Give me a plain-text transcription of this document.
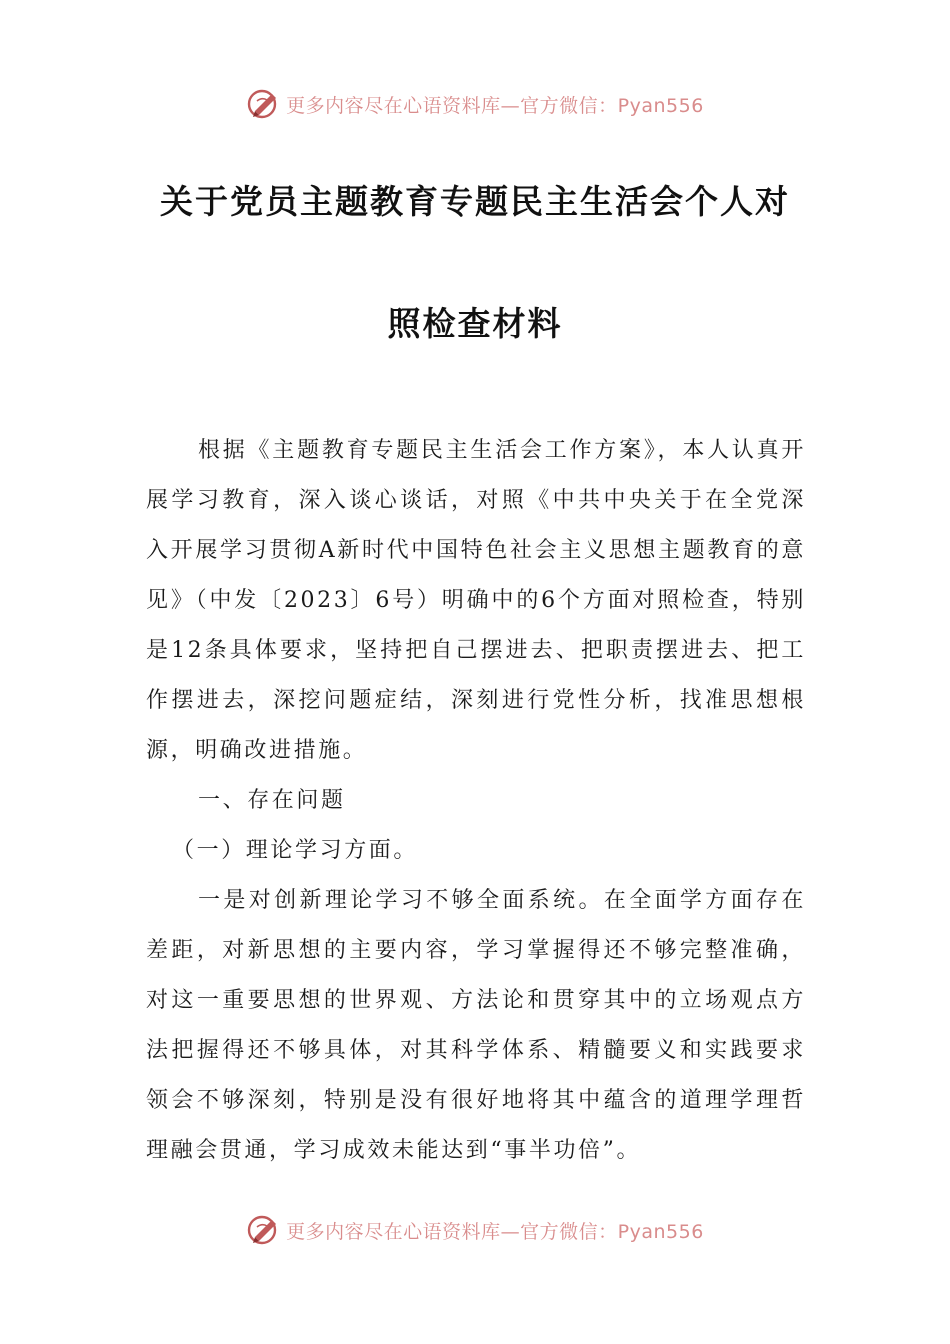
更多内容尽在心语资料库—官方微信：Pyan556
关于党员主题教育专题民主生活会个人对
照检查材料

根据《主题教育专题民主生活会工作方案》，本人认真开展学习教育，深入谈心谈话，对照《中共中央关于在全党深入开展学习贯彻A新时代中国特色社会主义思想主题教育的意见》（中发〔2023〕6号）明确中的6个方面对照检查，特别是12条具体要求，坚持把自己摆进去、把职责摆进去、把工作摆进去，深挖问题症结，深刻进行党性分析，找准思想根源，明确改进措施。

一、存在问题

（一）理论学习方面。

一是对创新理论学习不够全面系统。在全面学方面存在差距，对新思想的主要内容，学习掌握得还不够完整准确，对这一重要思想的世界观、方法论和贯穿其中的立场观点方法把握得还不够具体，对其科学体系、精髓要义和实践要求领会不够深刻，特别是没有很好地将其中蕴含的道理学理哲理融会贯通，学习成效未能达到“事半功倍”。

更多内容尽在心语资料库—官方微信：Pyan556
